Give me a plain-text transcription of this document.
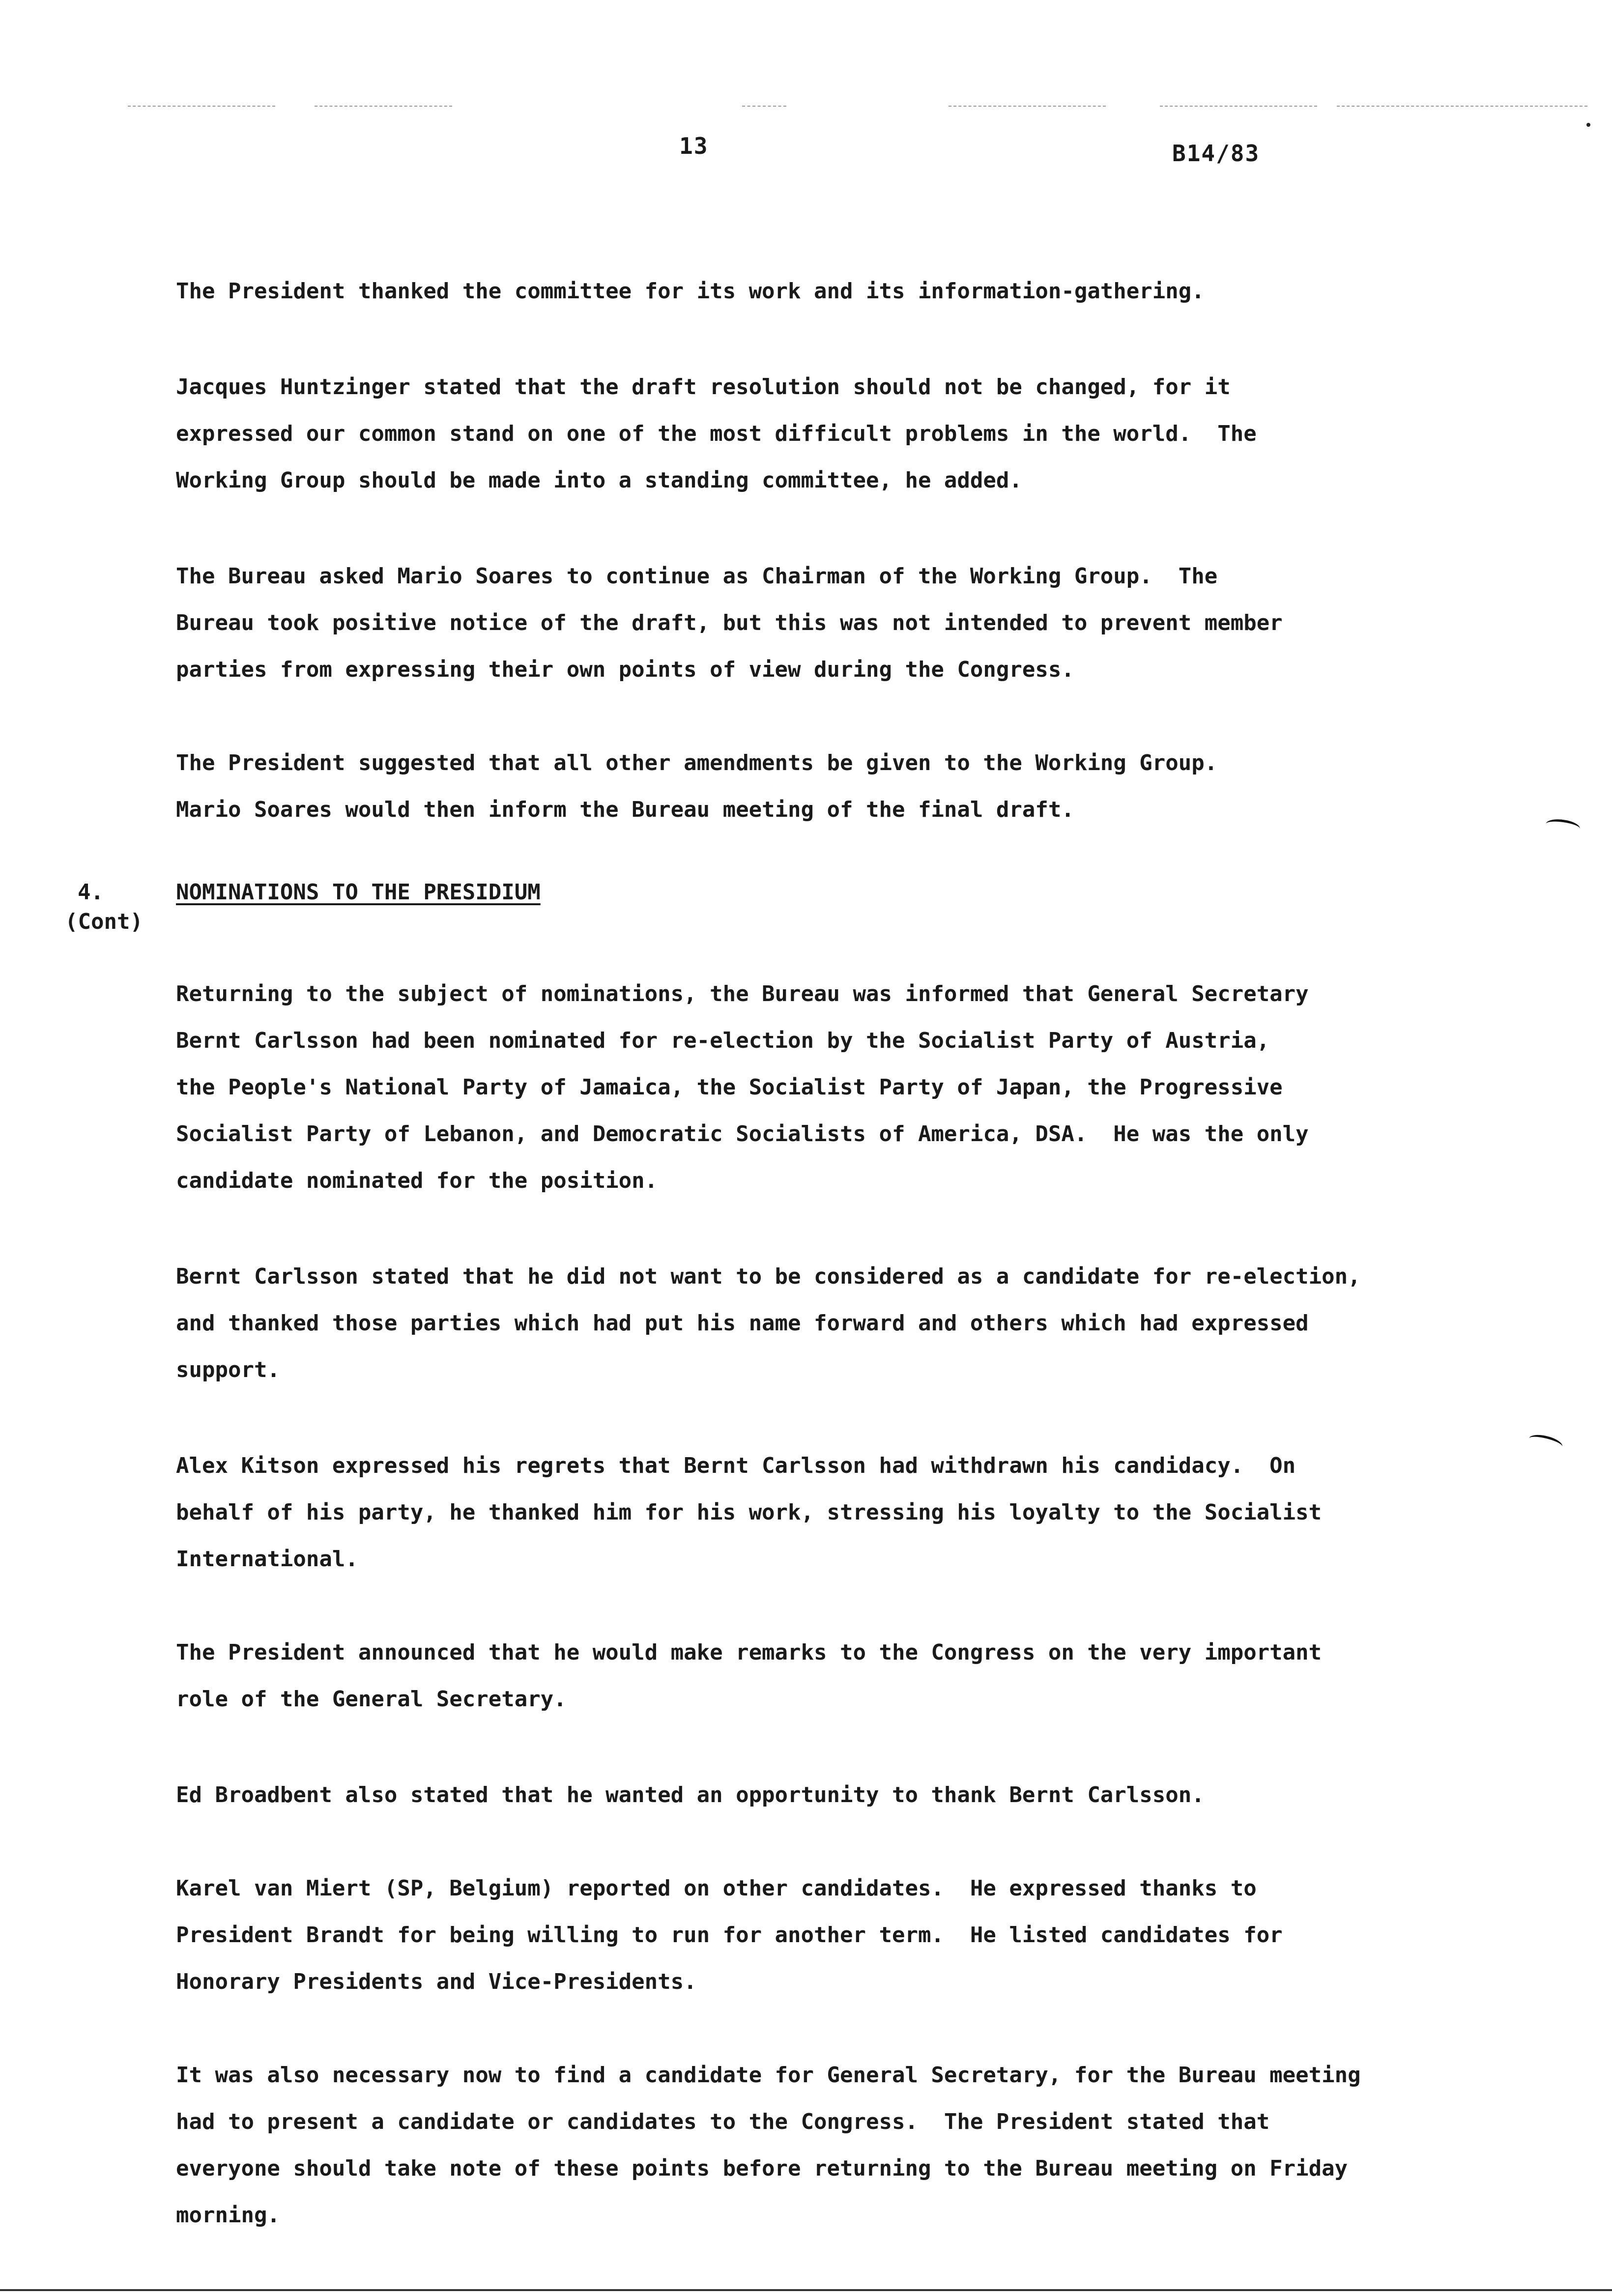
13	B14/83

The President thanked the committee for its work and its information-gathering.

Jacques Huntzinger stated that the draft resolution should not be changed, for it
expressed our common stand on one of the most difficult problems in the world.  The
Working Group should be made into a standing committee, he added.

The Bureau asked Mario Soares to continue as Chairman of the Working Group.  The
Bureau took positive notice of the draft, but this was not intended to prevent member
parties from expressing their own points of view during the Congress.

The President suggested that all other amendments be given to the Working Group.
Mario Soares would then inform the Bureau meeting of the final draft.

4.
(Cont)
NOMINATIONS TO THE PRESIDIUM

Returning to the subject of nominations, the Bureau was informed that General Secretary
Bernt Carlsson had been nominated for re-election by the Socialist Party of Austria,
the People's National Party of Jamaica, the Socialist Party of Japan, the Progressive
Socialist Party of Lebanon, and Democratic Socialists of America, DSA.  He was the only
candidate nominated for the position.

Bernt Carlsson stated that he did not want to be considered as a candidate for re-election,
and thanked those parties which had put his name forward and others which had expressed
support.

Alex Kitson expressed his regrets that Bernt Carlsson had withdrawn his candidacy.  On
behalf of his party, he thanked him for his work, stressing his loyalty to the Socialist
International.

The President announced that he would make remarks to the Congress on the very important
role of the General Secretary.

Ed Broadbent also stated that he wanted an opportunity to thank Bernt Carlsson.

Karel van Miert (SP, Belgium) reported on other candidates.  He expressed thanks to
President Brandt for being willing to run for another term.  He listed candidates for
Honorary Presidents and Vice-Presidents.

It was also necessary now to find a candidate for General Secretary, for the Bureau meeting
had to present a candidate or candidates to the Congress.  The President stated that
everyone should take note of these points before returning to the Bureau meeting on Friday
morning.
